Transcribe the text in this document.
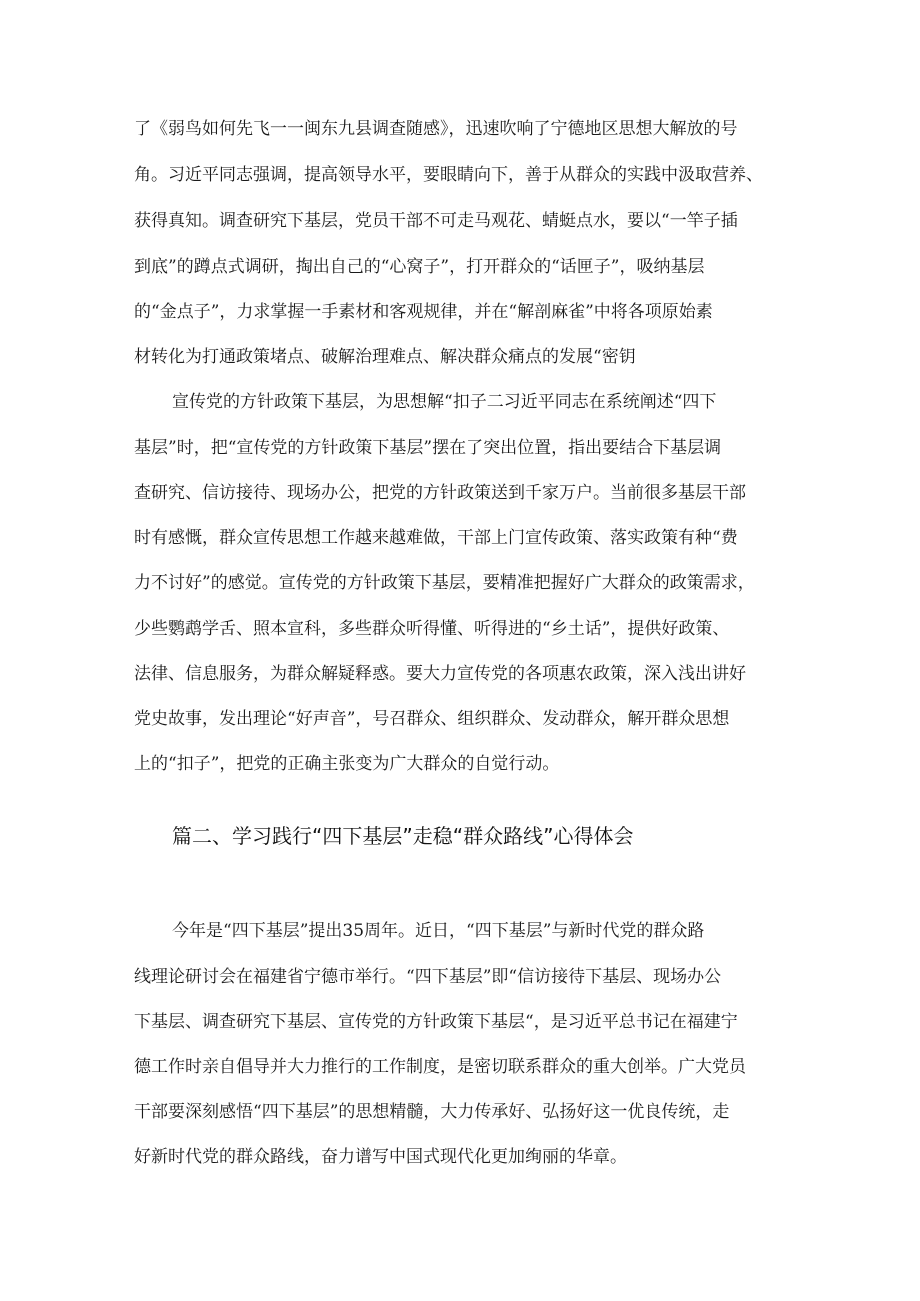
了《弱鸟如何先飞一一闽东九县调查随感》，迅速吹响了宁德地区思想大解放的号
角。习近平同志强调，提高领导水平，要眼睛向下，善于从群众的实践中汲取营养、
获得真知。调查研究下基层，党员干部不可走马观花、蜻蜓点水，要以“一竿子插
到底”的蹲点式调研，掏出自己的“心窝子”，打开群众的“话匣子”，吸纳基层
的“金点子”，力求掌握一手素材和客观规律，并在“解剖麻雀”中将各项原始素
材转化为打通政策堵点、破解治理难点、解决群众痛点的发展“密钥
宣传党的方针政策下基层，为思想解“扣子二习近平同志在系统阐述“四下
基层”时，把“宣传党的方针政策下基层”摆在了突出位置，指出要结合下基层调
查研究、信访接待、现场办公，把党的方针政策送到千家万户。当前很多基层干部
时有感慨，群众宣传思想工作越来越难做，干部上门宣传政策、落实政策有种“费
力不讨好”的感觉。宣传党的方针政策下基层，要精准把握好广大群众的政策需求，
少些鹦鹉学舌、照本宣科，多些群众听得懂、听得进的“乡土话”，提供好政策、
法律、信息服务，为群众解疑释惑。要大力宣传党的各项惠农政策，深入浅出讲好
党史故事，发出理论“好声音”，号召群众、组织群众、发动群众，解开群众思想
上的“扣子”，把党的正确主张变为广大群众的自觉行动。
篇二、学习践行“四下基层”走稳“群众路线”心得体会
今年是“四下基层”提出35周年。近日，“四下基层”与新时代党的群众路
线理论研讨会在福建省宁德市举行。“四下基层”即“信访接待下基层、现场办公
下基层、调查研究下基层、宣传党的方针政策下基层“，是习近平总书记在福建宁
德工作时亲自倡导并大力推行的工作制度，是密切联系群众的重大创举。广大党员
干部要深刻感悟“四下基层”的思想精髓，大力传承好、弘扬好这一优良传统，走
好新时代党的群众路线，奋力谱写中国式现代化更加绚丽的华章。
